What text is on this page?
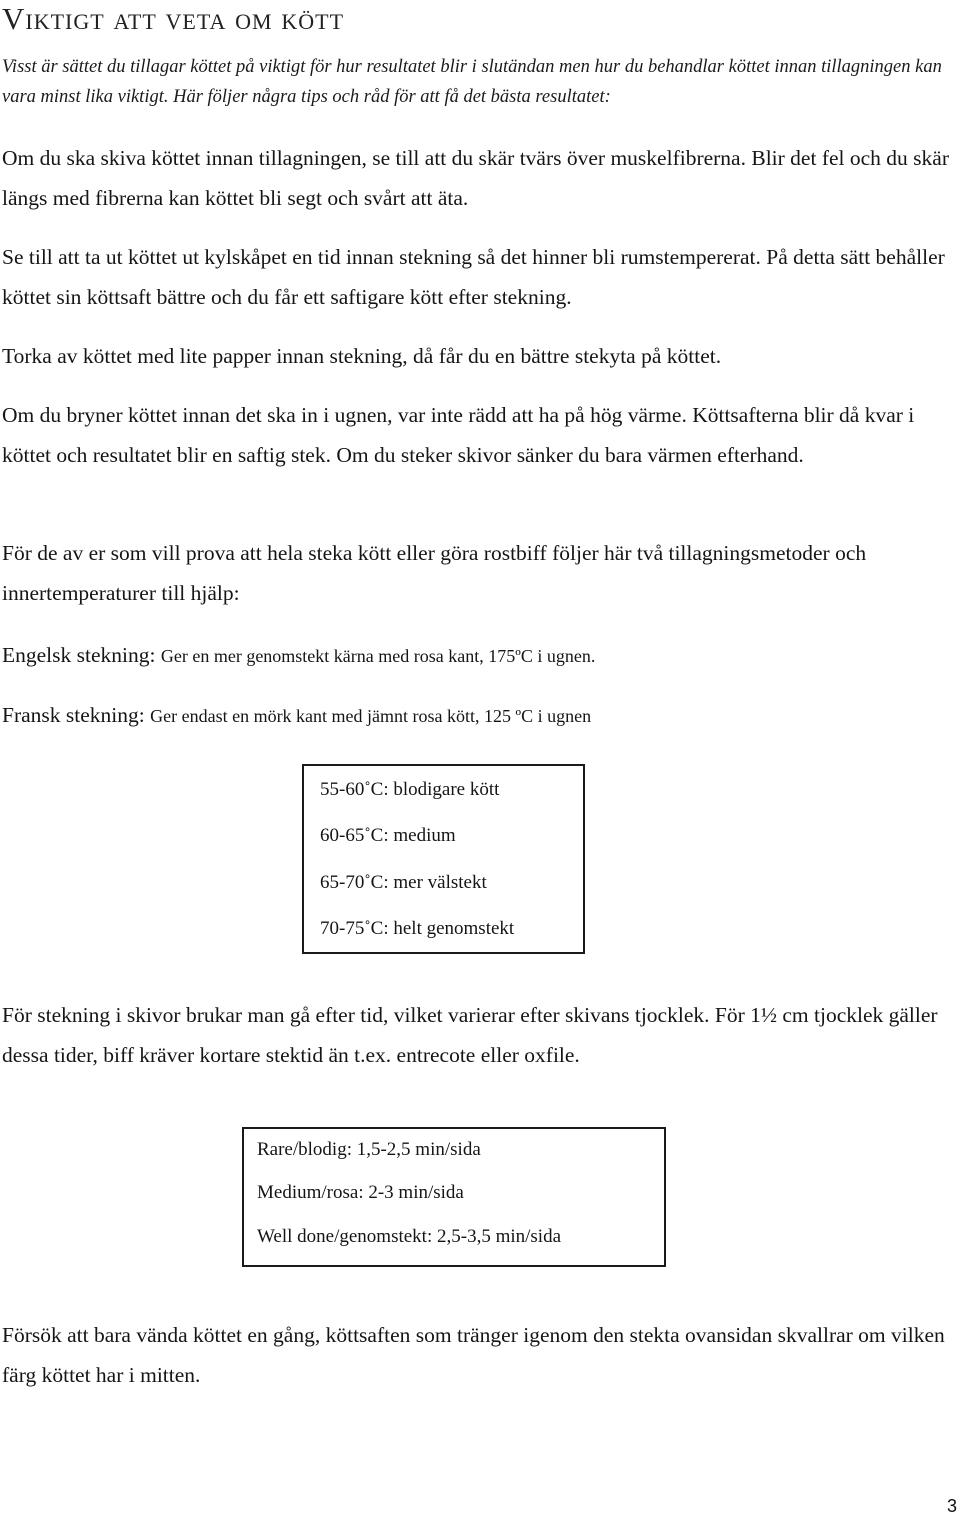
Viktigt att veta om kött

Visst är sättet du tillagar köttet på viktigt för hur resultatet blir i slutändan men hur du behandlar köttet innan tillagningen kan vara minst lika viktigt. Här följer några tips och råd för att få det bästa resultatet:

Om du ska skiva köttet innan tillagningen, se till att du skär tvärs över muskelfibrerna. Blir det fel och du skär längs med fibrerna kan köttet bli segt och svårt att äta.

Se till att ta ut köttet ut kylskåpet en tid innan stekning så det hinner bli rumstempererat. På detta sätt behåller köttet sin köttsaft bättre och du får ett saftigare kött efter stekning.

Torka av köttet med lite papper innan stekning, då får du en bättre stekyta på köttet.

Om du bryner köttet innan det ska in i ugnen, var inte rädd att ha på hög värme. Köttsafterna blir då kvar i köttet och resultatet blir en saftig stek. Om du steker skivor sänker du bara värmen efterhand.

För de av er som vill prova att hela steka kött eller göra rostbiff följer här två tillagningsmetoder och innertemperaturer till hjälp:

Engelsk stekning: Ger en mer genomstekt kärna med rosa kant, 175ºC i ugnen.

Fransk stekning: Ger endast en mörk kant med jämnt rosa kött, 125 ºC i ugnen

55-60˚C: blodigare kött
60-65˚C: medium
65-70˚C: mer välstekt
70-75˚C: helt genomstekt

För stekning i skivor brukar man gå efter tid, vilket varierar efter skivans tjocklek. För 1½ cm tjocklek gäller dessa tider, biff kräver kortare stektid än t.ex. entrecote eller oxfile.

Rare/blodig: 1,5-2,5 min/sida
Medium/rosa: 2-3 min/sida
Well done/genomstekt: 2,5-3,5 min/sida

Försök att bara vända köttet en gång, köttsaften som tränger igenom den stekta ovansidan skvallrar om vilken färg köttet har i mitten.

3
